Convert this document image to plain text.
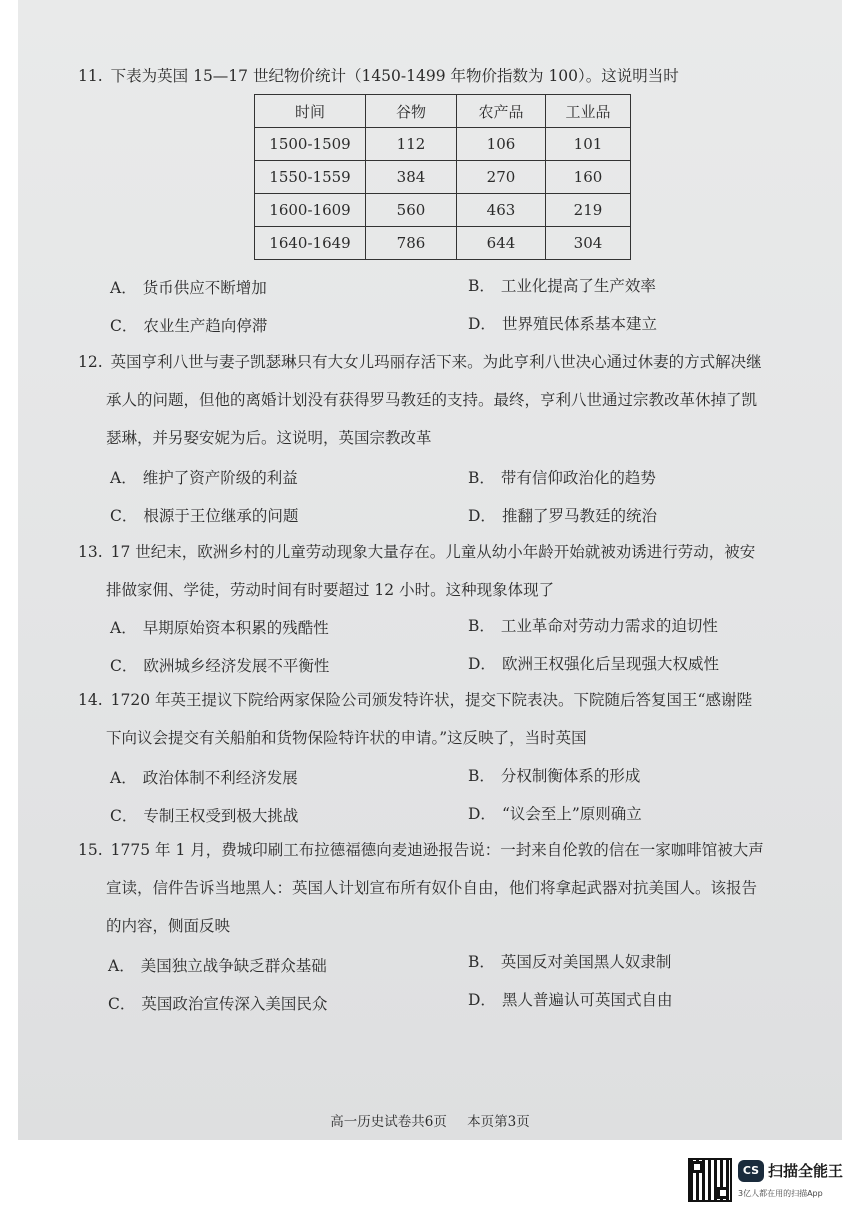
11. 下表为英国 15—17 世纪物价统计（1450-1499 年物价指数为 100）。这说明当时
时间	谷物	农产品	工业品
1500-1509	112	106	101
1550-1559	384	270	160
1600-1609	560	463	219
1640-1649	786	644	304
A． 货币供应不断增加	B． 工业化提高了生产效率
C． 农业生产趋向停滞	D． 世界殖民体系基本建立
12. 英国亨利八世与妻子凯瑟琳只有大女儿玛丽存活下来。为此亨利八世决心通过休妻的方式解决继
承人的问题，但他的离婚计划没有获得罗马教廷的支持。最终，亨利八世通过宗教改革休掉了凯
瑟琳，并另娶安妮为后。这说明，英国宗教改革
A． 维护了资产阶级的利益	B． 带有信仰政治化的趋势
C． 根源于王位继承的问题	D． 推翻了罗马教廷的统治
13. 17 世纪末，欧洲乡村的儿童劳动现象大量存在。儿童从幼小年龄开始就被劝诱进行劳动，被安
排做家佣、学徒，劳动时间有时要超过 12 小时。这种现象体现了
A． 早期原始资本积累的残酷性	B． 工业革命对劳动力需求的迫切性
C． 欧洲城乡经济发展不平衡性	D． 欧洲王权强化后呈现强大权威性
14. 1720 年英王提议下院给两家保险公司颁发特许状，提交下院表决。下院随后答复国王“感谢陛
下向议会提交有关船舶和货物保险特许状的申请。”这反映了，当时英国
A． 政治体制不利经济发展	B． 分权制衡体系的形成
C． 专制王权受到极大挑战	D． “议会至上”原则确立
15. 1775 年 1 月，费城印刷工布拉德福德向麦迪逊报告说：一封来自伦敦的信在一家咖啡馆被大声
宣读，信件告诉当地黑人：英国人计划宣布所有奴仆自由，他们将拿起武器对抗美国人。该报告
的内容，侧面反映
A． 美国独立战争缺乏群众基础	B． 英国反对美国黑人奴隶制
C． 英国政治宣传深入美国民众	D． 黑人普遍认可英国式自由
高一历史试卷共6页 本页第3页
CS 扫描全能王
3亿人都在用的扫描App
